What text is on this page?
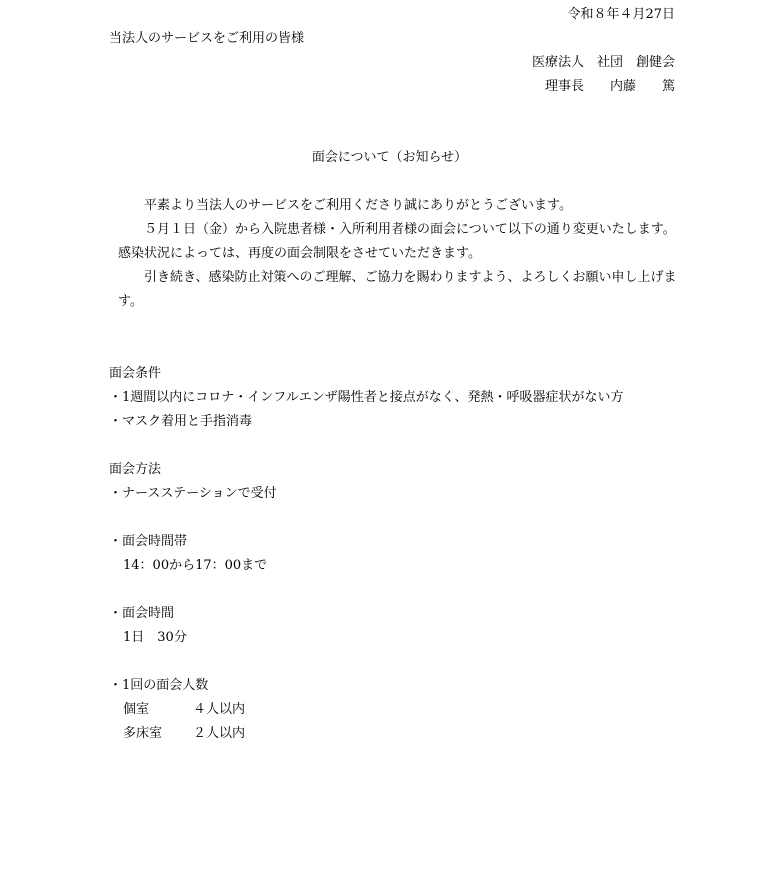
令和８年４月27日
当法人のサービスをご利用の皆様
医療法人　社団　創健会
理事長　　内藤　　篤
面会について（お知らせ）

平素より当法人のサービスをご利用くださり誠にありがとうございます。

５月１日（金）から入院患者様・入所利用者様の面会について以下の通り変更いたします。感染状況によっては、再度の面会制限をさせていただきます。

引き続き、感染防止対策へのご理解、ご協力を賜わりますよう、よろしくお願い申し上げます。

面会条件
・1週間以内にコロナ・インフルエンザ陽性者と接点がなく、発熱・呼吸器症状がない方
・マスク着用と手指消毒
面会方法
・ナースステーションで受付
・面会時間帯
14：00から17：00まで
・面会時間
1日　30分
・1回の面会人数
個室	４人以内
多床室 ２人以内
